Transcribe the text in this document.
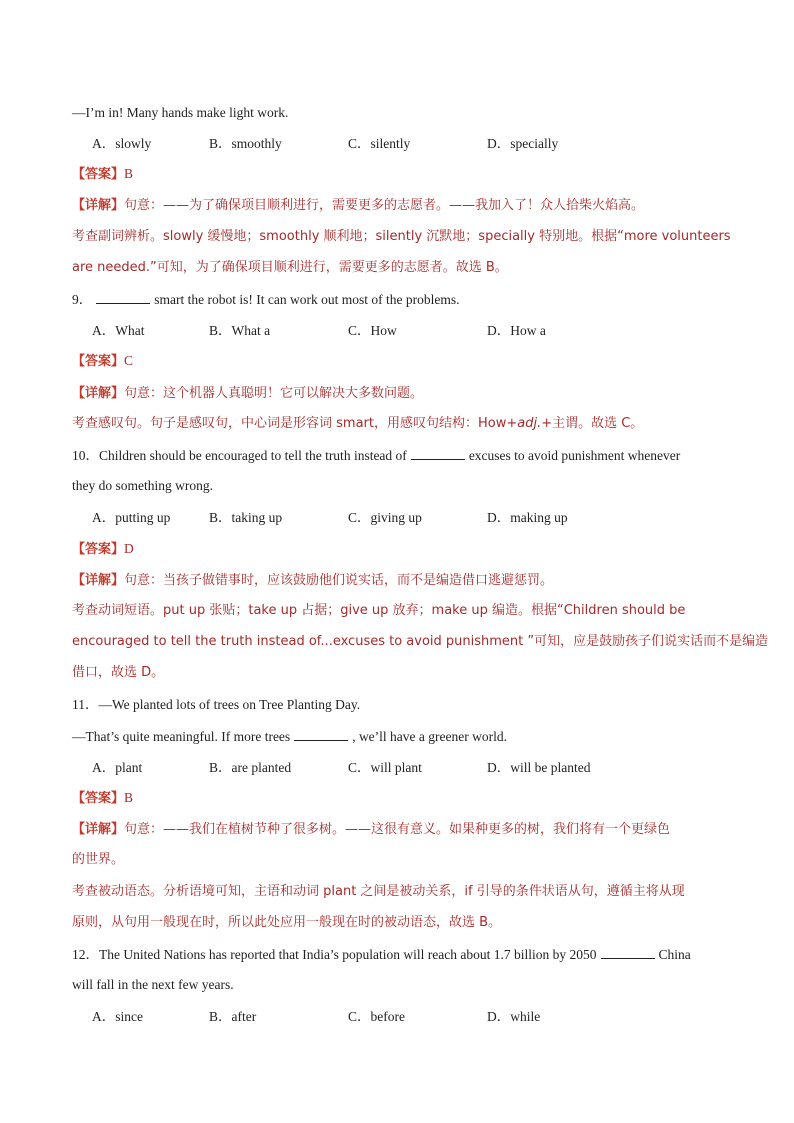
—I’m in! Many hands make light work.
A．slowly	B．smoothly	C．silently	D．specially
【答案】B
【详解】句意：——为了确保项目顺利进行，需要更多的志愿者。——我加入了！众人拾柴火焰高。
考查副词辨析。slowly 缓慢地；smoothly 顺利地；silently 沉默地；specially 特别地。根据“more volunteers
are needed.”可知，为了确保项目顺利进行，需要更多的志愿者。故选 B。
9．	smart the robot is! It can work out most of the problems.
A．What	B．What a	C．How	D．How a
【答案】C
【详解】句意：这个机器人真聪明！它可以解决大多数问题。
考查感叹句。句子是感叹句，中心词是形容词 smart，用感叹句结构：How+adj.+主谓。故选 C。
10．Children should be encouraged to tell the truth instead of	excuses to avoid punishment whenever
they do something wrong.
A．putting up	B．taking up	C．giving up	D．making up
【答案】D
【详解】句意：当孩子做错事时，应该鼓励他们说实话，而不是编造借口逃避惩罚。
考查动词短语。put up 张贴；take up 占据；give up 放弃；make up 编造。根据“Children should be
encouraged to tell the truth instead of...excuses to avoid punishment ”可知，应是鼓励孩子们说实话而不是编造
借口，故选 D。
11．—We planted lots of trees on Tree Planting Day.
—That’s quite meaningful. If more trees	, we’ll have a greener world.
A．plant	B．are planted	C．will plant	D．will be planted
【答案】B
【详解】句意：——我们在植树节种了很多树。——这很有意义。如果种更多的树，我们将有一个更绿色
的世界。
考查被动语态。分析语境可知，主语和动词 plant 之间是被动关系，if 引导的条件状语从句，遵循主将从现
原则，从句用一般现在时，所以此处应用一般现在时的被动语态，故选 B。
12．The United Nations has reported that India’s population will reach about 1.7 billion by 2050	China
will fall in the next few years.
A．since	B．after	C．before	D．while
